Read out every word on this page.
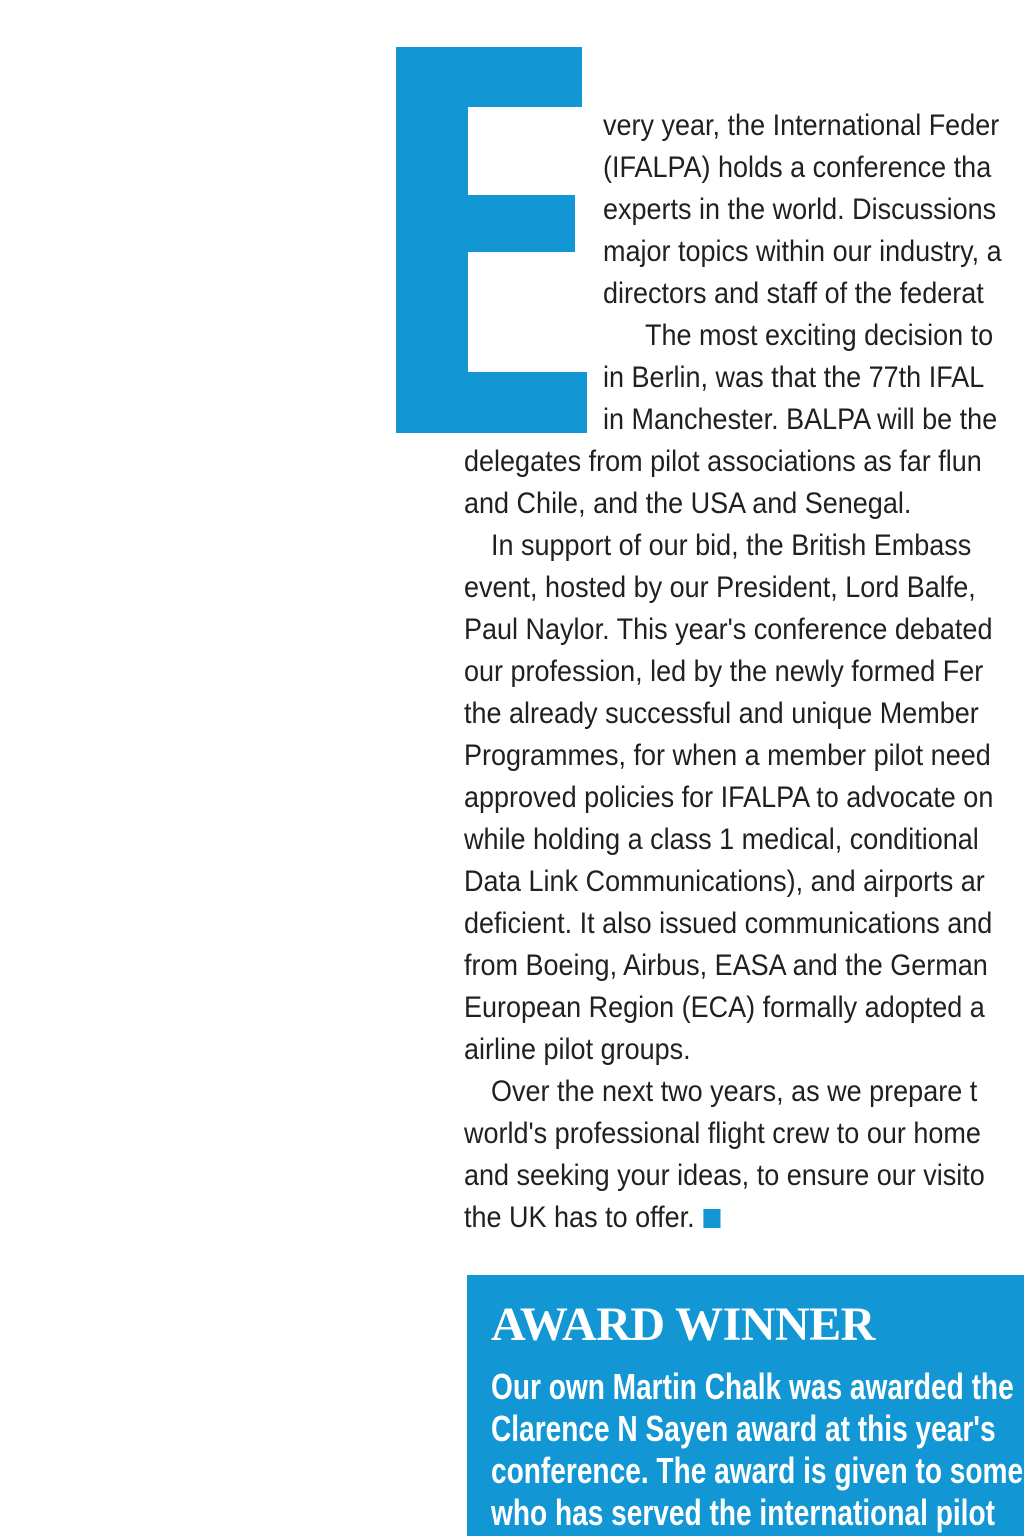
very year, the International Feder
(IFALPA) holds a conference tha
experts in the world. Discussions
major topics within our industry, a
directors and staff of the federat
The most exciting decision to
in Berlin, was that the 77th IFAL
in Manchester. BALPA will be the
delegates from pilot associations as far flun
and Chile, and the USA and Senegal.
In support of our bid, the British Embass
event, hosted by our President, Lord Balfe,
Paul Naylor. This year's conference debated
our profession, led by the newly formed Fer
the already successful and unique Member
Programmes, for when a member pilot need
approved policies for IFALPA to advocate on
while holding a class 1 medical, conditional
Data Link Communications), and airports ar
deficient. It also issued communications and
from Boeing, Airbus, EASA and the German
European Region (ECA) formally adopted a
airline pilot groups.
Over the next two years, as we prepare t
world's professional flight crew to our home
and seeking your ideas, to ensure our visito
the UK has to offer.
AWARD WINNER
Our own Martin Chalk was awarded the
Clarence N Sayen award at this year's
conference. The award is given to some
who has served the international pilot
